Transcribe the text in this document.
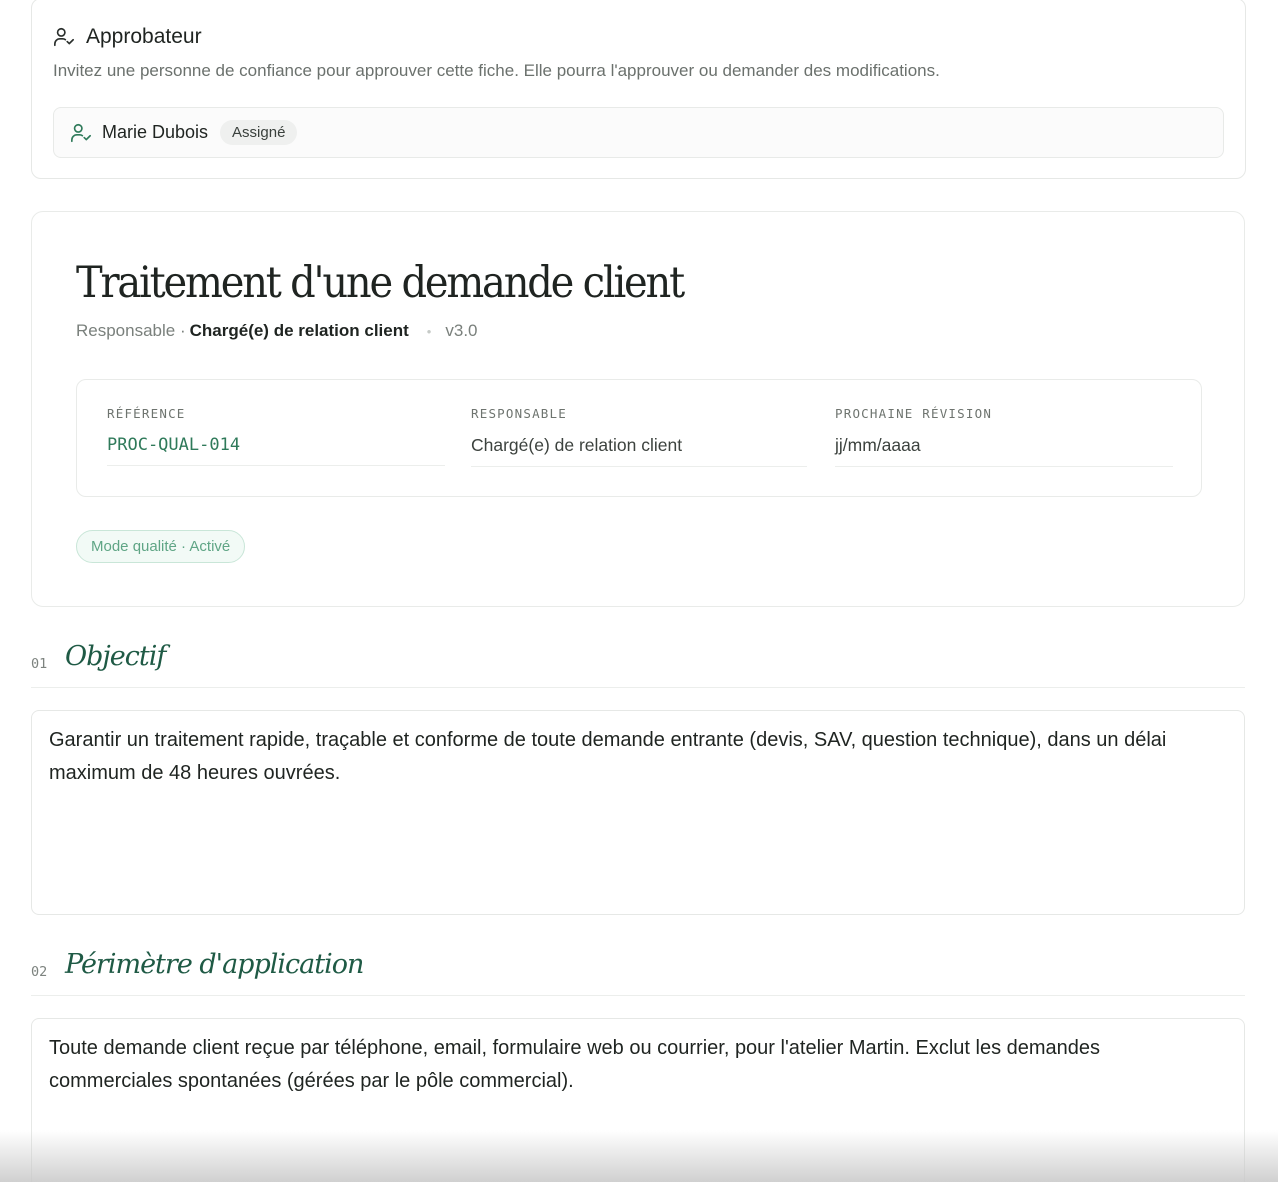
Approbateur
Invitez une personne de confiance pour approuver cette fiche. Elle pourra l'approuver ou demander des modifications.
Marie Dubois	Assigné
Traitement d'une demande client
Responsable · Chargé(e) de relation client • v3.0
RÉFÉRENCE
PROC-QUAL-014
RESPONSABLE
Chargé(e) de relation client
PROCHAINE RÉVISION
jj/mm/aaaa
Mode qualité · Activé
01 Objectif
Garantir un traitement rapide, traçable et conforme de toute demande entrante (devis, SAV, question technique), dans un délai maximum de 48 heures ouvrées.
02 Périmètre d'application
Toute demande client reçue par téléphone, email, formulaire web ou courrier, pour l'atelier Martin. Exclut les demandes commerciales spontanées (gérées par le pôle commercial).
